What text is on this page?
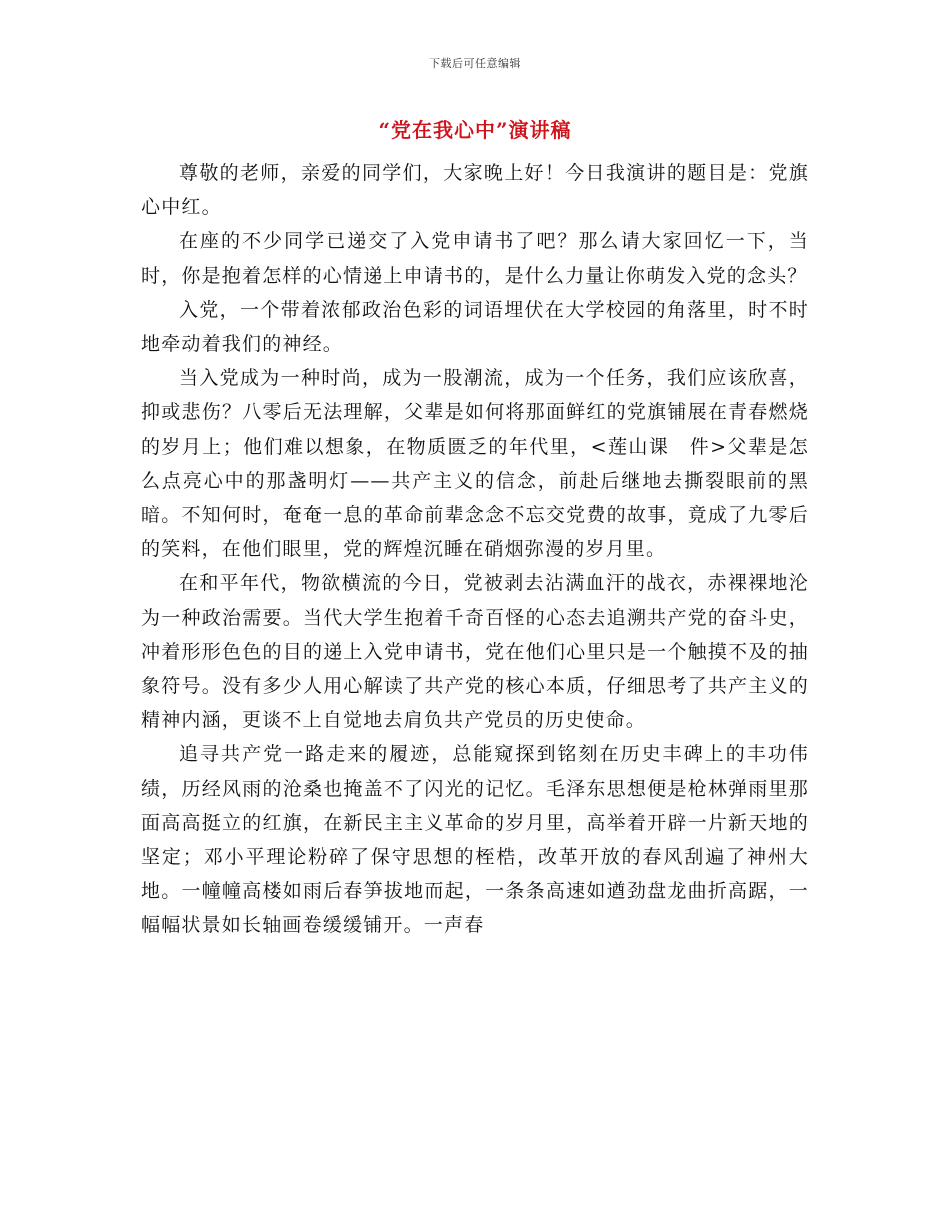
下载后可任意编辑
“党在我心中”演讲稿

尊敬的老师，亲爱的同学们，大家晚上好！今日我演讲的题目是：党旗心中红。

在座的不少同学已递交了入党申请书了吧？那么请大家回忆一下，当时，你是抱着怎样的心情递上申请书的，是什么力量让你萌发入党的念头？

入党，一个带着浓郁政治色彩的词语埋伏在大学校园的角落里，时不时地牵动着我们的神经。

当入党成为一种时尚，成为一股潮流，成为一个任务，我们应该欣喜，抑或悲伤？八零后无法理解，父辈是如何将那面鲜红的党旗铺展在青春燃烧的岁月上；他们难以想象，在物质匮乏的年代里，<莲山课　件>父辈是怎么点亮心中的那盏明灯——共产主义的信念，前赴后继地去撕裂眼前的黑暗。不知何时，奄奄一息的革命前辈念念不忘交党费的故事，竟成了九零后的笑料，在他们眼里，党的辉煌沉睡在硝烟弥漫的岁月里。

在和平年代，物欲横流的今日，党被剥去沾满血汗的战衣，赤裸裸地沦为一种政治需要。当代大学生抱着千奇百怪的心态去追溯共产党的奋斗史，冲着形形色色的目的递上入党申请书，党在他们心里只是一个触摸不及的抽象符号。没有多少人用心解读了共产党的核心本质，仔细思考了共产主义的精神内涵，更谈不上自觉地去肩负共产党员的历史使命。

追寻共产党一路走来的履迹，总能窥探到铭刻在历史丰碑上的丰功伟绩，历经风雨的沧桑也掩盖不了闪光的记忆。毛泽东思想便是枪林弹雨里那面高高挺立的红旗，在新民主主义革命的岁月里，高举着开辟一片新天地的坚定；邓小平理论粉碎了保守思想的桎梏，改革开放的春风刮遍了神州大地。一幢幢高楼如雨后春笋拔地而起，一条条高速如遒劲盘龙曲折高踞，一幅幅状景如长轴画卷缓缓铺开。一声春
